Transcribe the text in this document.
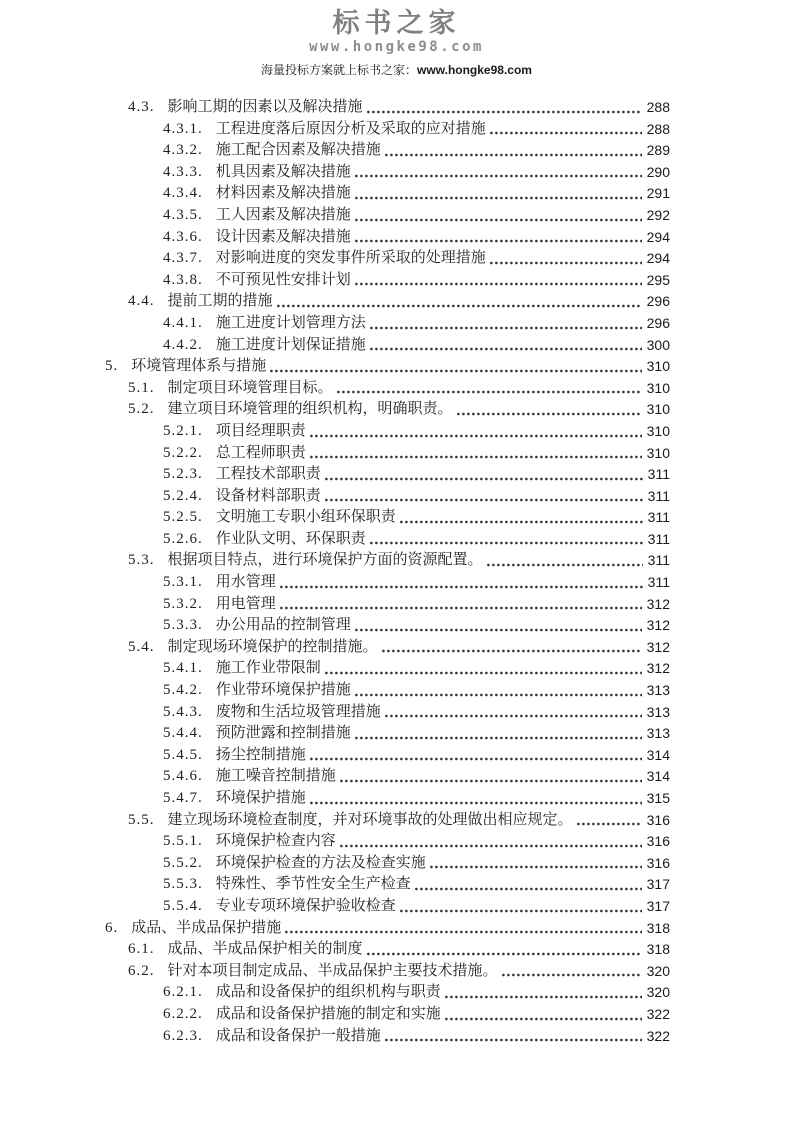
标书之家
www.hongke98.com
海量投标方案就上标书之家：www.hongke98.com
4.3. 影响工期的因素以及解决措施	288
4.3.1. 工程进度落后原因分析及采取的应对措施	288
4.3.2. 施工配合因素及解决措施	289
4.3.3. 机具因素及解决措施	290
4.3.4. 材料因素及解决措施	291
4.3.5. 工人因素及解决措施	292
4.3.6. 设计因素及解决措施	294
4.3.7. 对影响进度的突发事件所采取的处理措施	294
4.3.8. 不可预见性安排计划	295
4.4. 提前工期的措施	296
4.4.1. 施工进度计划管理方法	296
4.4.2. 施工进度计划保证措施	300
5. 环境管理体系与措施	310
5.1. 制定项目环境管理目标。	310
5.2. 建立项目环境管理的组织机构，明确职责。	310
5.2.1. 项目经理职责	310
5.2.2. 总工程师职责	310
5.2.3. 工程技术部职责	311
5.2.4. 设备材料部职责	311
5.2.5. 文明施工专职小组环保职责	311
5.2.6. 作业队文明、环保职责	311
5.3. 根据项目特点，进行环境保护方面的资源配置。	311
5.3.1. 用水管理	311
5.3.2. 用电管理	312
5.3.3. 办公用品的控制管理	312
5.4. 制定现场环境保护的控制措施。	312
5.4.1. 施工作业带限制	312
5.4.2. 作业带环境保护措施	313
5.4.3. 废物和生活垃圾管理措施	313
5.4.4. 预防泄露和控制措施	313
5.4.5. 扬尘控制措施	314
5.4.6. 施工噪音控制措施	314
5.4.7. 环境保护措施	315
5.5. 建立现场环境检查制度，并对环境事故的处理做出相应规定。	316
5.5.1. 环境保护检查内容	316
5.5.2. 环境保护检查的方法及检查实施	316
5.5.3. 特殊性、季节性安全生产检查	317
5.5.4. 专业专项环境保护验收检查	317
6. 成品、半成品保护措施	318
6.1. 成品、半成品保护相关的制度	318
6.2. 针对本项目制定成品、半成品保护主要技术措施。	320
6.2.1. 成品和设备保护的组织机构与职责	320
6.2.2. 成品和设备保护措施的制定和实施	322
6.2.3. 成品和设备保护一般措施	322
